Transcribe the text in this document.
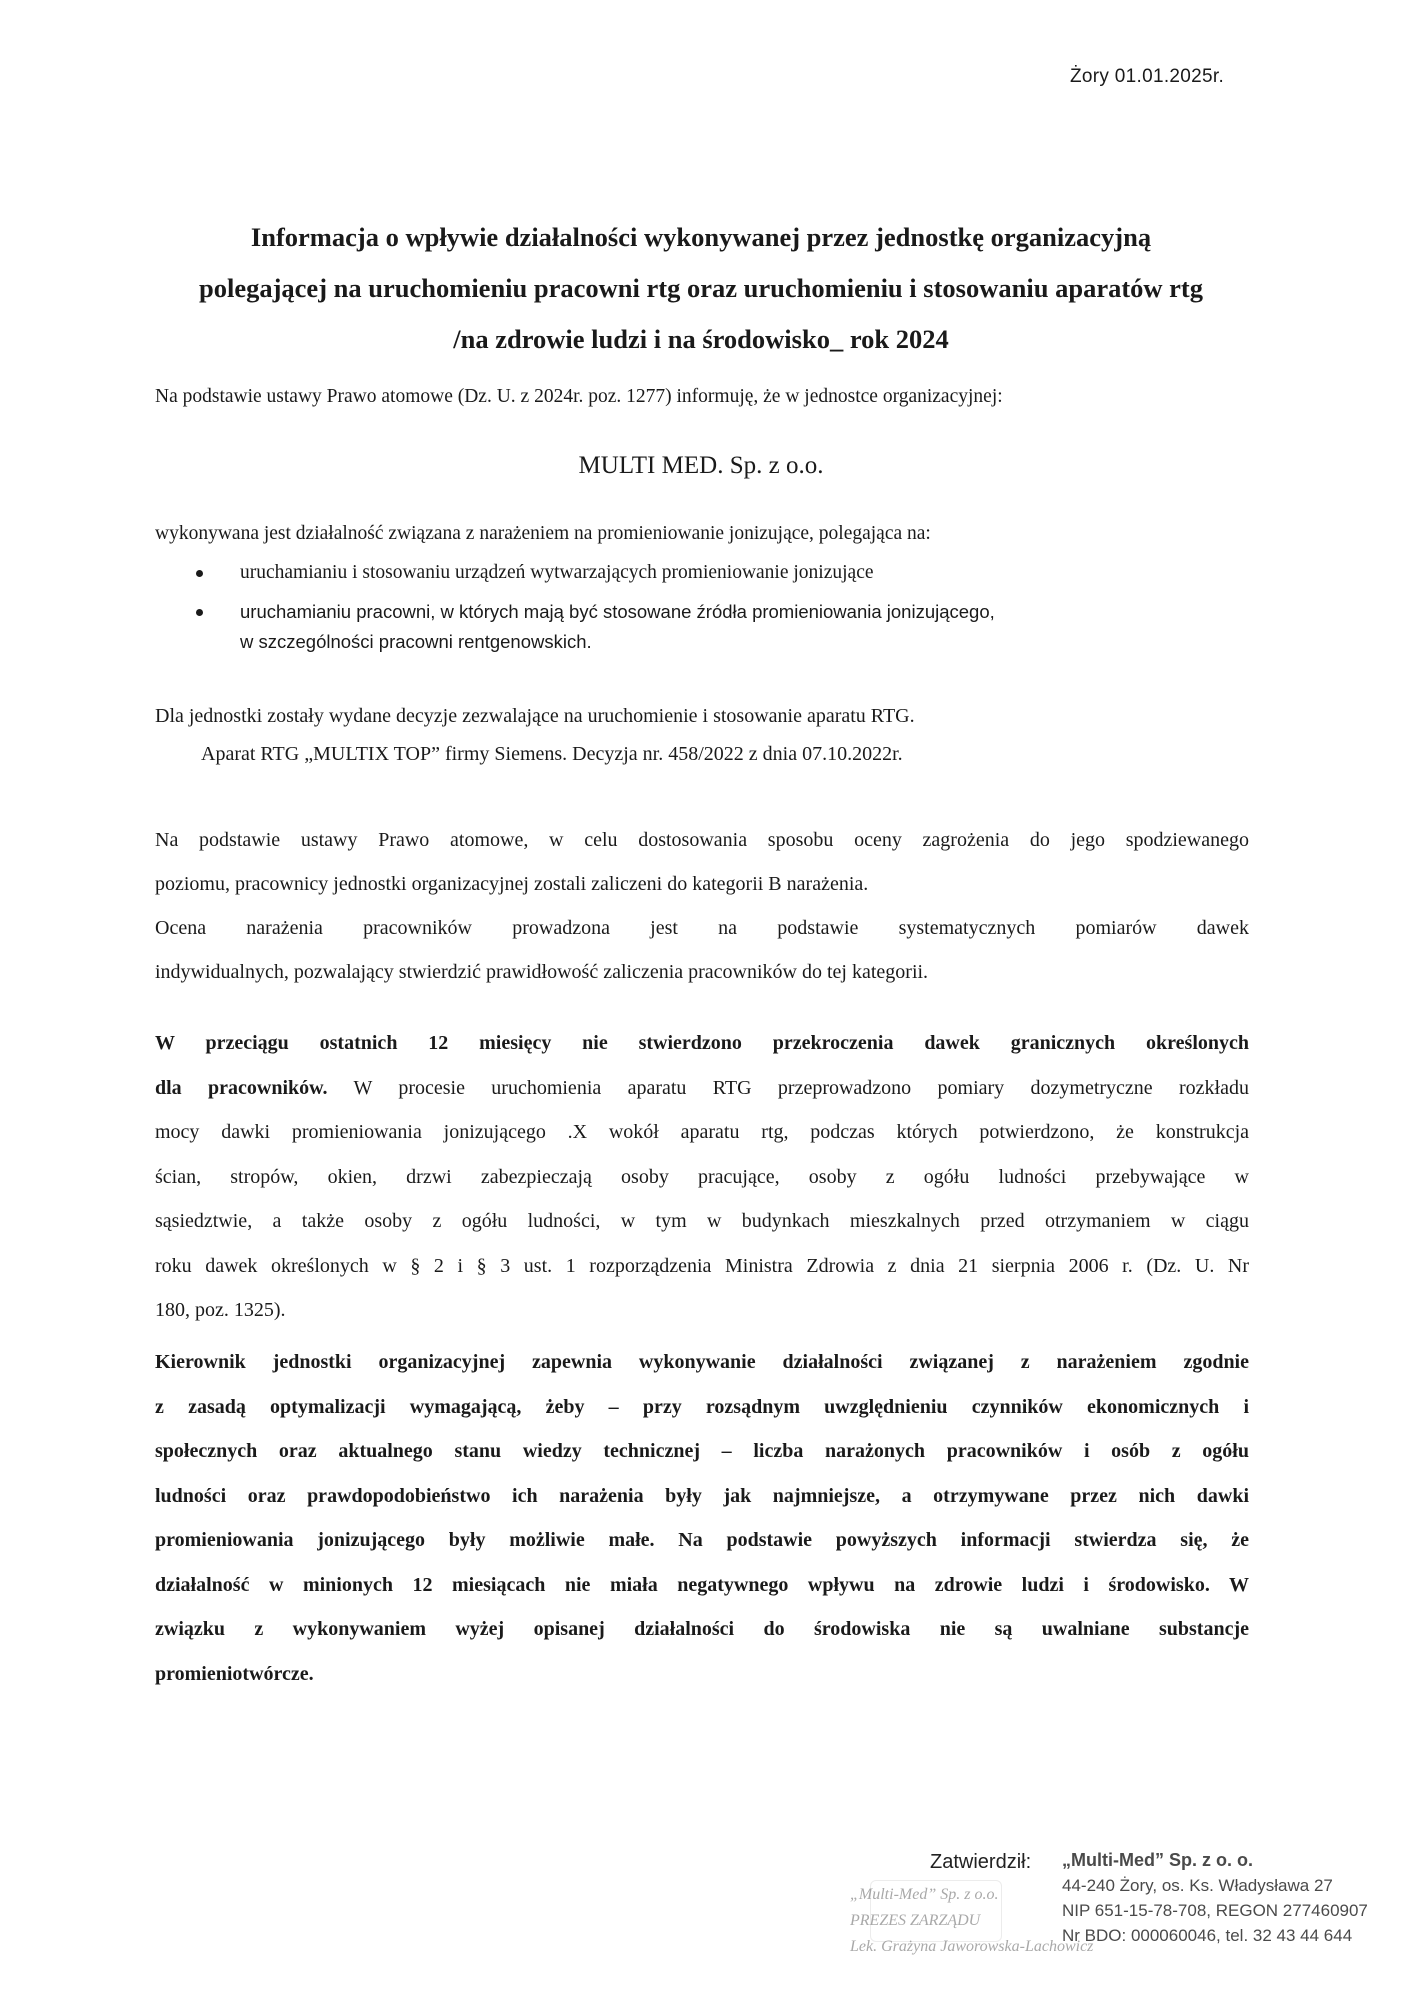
Żory 01.01.2025r.
Informacja o wpływie działalności wykonywanej przez jednostkę organizacyjną
polegającej na uruchomieniu pracowni rtg oraz uruchomieniu i stosowaniu aparatów rtg
/na zdrowie ludzi i na środowisko_ rok 2024
Na podstawie ustawy Prawo atomowe (Dz. U. z 2024r. poz. 1277) informuję, że w jednostce organizacyjnej:
MULTI MED. Sp. z o.o.
wykonywana jest działalność związana z narażeniem na promieniowanie jonizujące, polegająca na:
uruchamianiu i stosowaniu urządzeń wytwarzających promieniowanie jonizujące
uruchamianiu pracowni, w których mają być stosowane źródła promieniowania jonizującego,
w szczególności pracowni rentgenowskich.
Dla jednostki zostały wydane decyzje zezwalające na uruchomienie i stosowanie aparatu RTG.
Aparat RTG „MULTIX TOP” firmy Siemens. Decyzja nr. 458/2022 z dnia 07.10.2022r.
Na podstawie ustawy Prawo atomowe, w celu dostosowania sposobu oceny zagrożenia do jego spodziewanego
poziomu, pracownicy jednostki organizacyjnej zostali zaliczeni do kategorii B narażenia.
Ocena narażenia pracowników prowadzona jest na podstawie systematycznych pomiarów dawek
indywidualnych, pozwalający stwierdzić prawidłowość zaliczenia pracowników do tej kategorii.
W przeciągu ostatnich 12 miesięcy nie stwierdzono przekroczenia dawek granicznych określonych
dla pracowników. W procesie uruchomienia aparatu RTG przeprowadzono pomiary dozymetryczne rozkładu
mocy dawki promieniowania jonizującego .X wokół aparatu rtg, podczas których potwierdzono, że konstrukcja
ścian, stropów, okien, drzwi zabezpieczają osoby pracujące, osoby z ogółu ludności przebywające w
sąsiedztwie, a także osoby z ogółu ludności, w tym w budynkach mieszkalnych przed otrzymaniem w ciągu
roku dawek określonych w § 2 i § 3 ust. 1 rozporządzenia Ministra Zdrowia z dnia 21 sierpnia 2006 r. (Dz. U. Nr
180, poz. 1325).
Kierownik jednostki organizacyjnej zapewnia wykonywanie działalności związanej z narażeniem zgodnie
z zasadą optymalizacji wymagającą, żeby – przy rozsądnym uwzględnieniu czynników ekonomicznych i
społecznych oraz aktualnego stanu wiedzy technicznej – liczba narażonych pracowników i osób z ogółu
ludności oraz prawdopodobieństwo ich narażenia były jak najmniejsze, a otrzymywane przez nich dawki
promieniowania jonizującego były możliwie małe. Na podstawie powyższych informacji stwierdza się, że
działalność w minionych 12 miesiącach nie miała negatywnego wpływu na zdrowie ludzi i środowisko. W
związku z wykonywaniem wyżej opisanej działalności do środowiska nie są uwalniane substancje
promieniotwórcze.
„Multi-Med” Sp. z o.o.
PREZES ZARZĄDU
Lek. Grażyna Jaworowska-Lachowicz
Zatwierdził: „Multi-Med” Sp. z o. o.
44-240 Żory, os. Ks. Władysława 27
NIP 651-15-78-708, REGON 277460907
Nr BDO: 000060046, tel. 32 43 44 644
